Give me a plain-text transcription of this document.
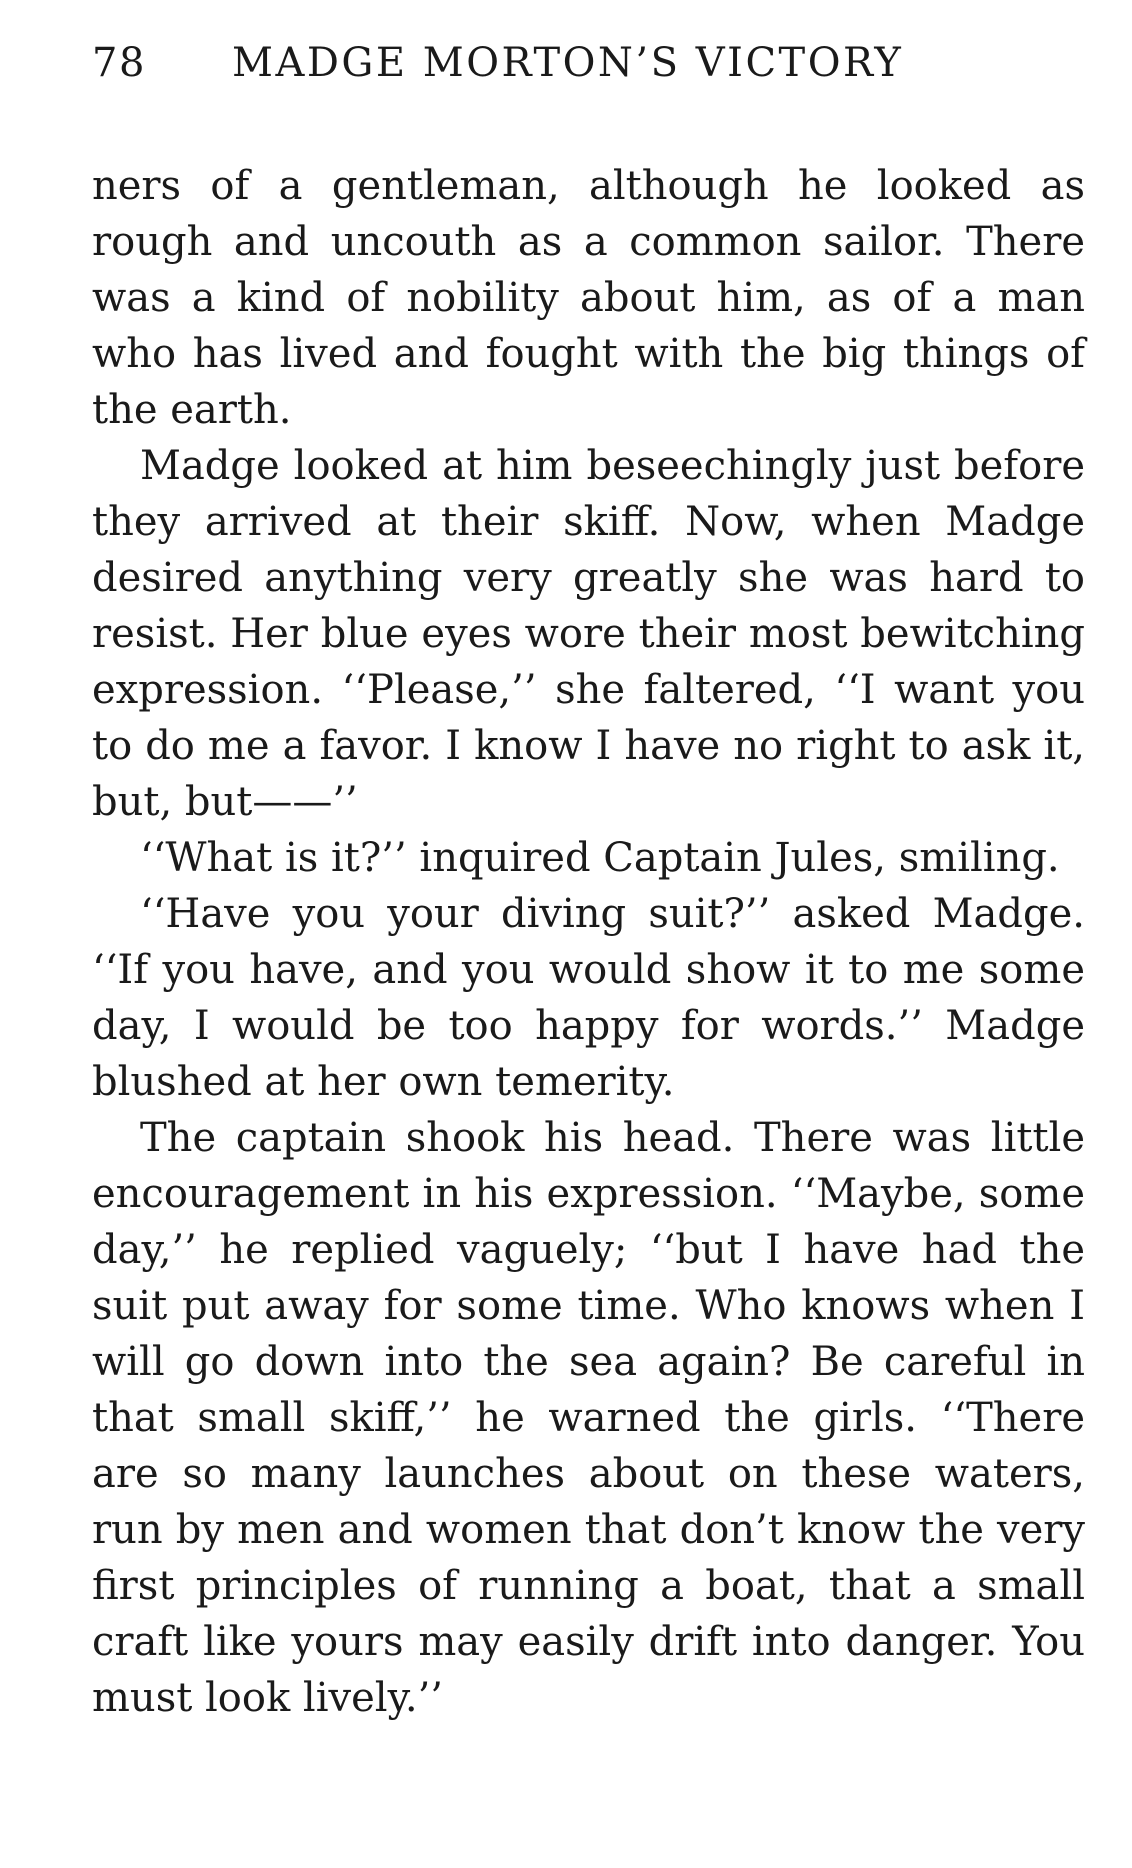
78	MADGE MORTON’S VICTORY

ners of a gentleman, although he looked as rough and uncouth as a common sailor. There was a kind of nobility about him, as of a man who has lived and fought with the big things of the earth.

Madge looked at him beseechingly just before they arrived at their skiff. Now, when Madge desired anything very greatly she was hard to resist. Her blue eyes wore their most bewitching expression. ‘‘Please,’’ she faltered, ‘‘I want you to do me a favor. I know I have no right to ask it, but, but——’’

‘‘What is it?’’ inquired Captain Jules, smiling.

‘‘Have you your diving suit?’’ asked Madge. ‘‘If you have, and you would show it to me some day, I would be too happy for words.’’ Madge blushed at her own temerity.

The captain shook his head. There was little encouragement in his expression. ‘‘Maybe, some day,’’ he replied vaguely; ‘‘but I have had the suit put away for some time. Who knows when I will go down into the sea again? Be careful in that small skiff,’’ he warned the girls. ‘‘There are so many launches about on these waters, run by men and women that don’t know the very first principles of running a boat, that a small craft like yours may easily drift into danger. You must look lively.’’
